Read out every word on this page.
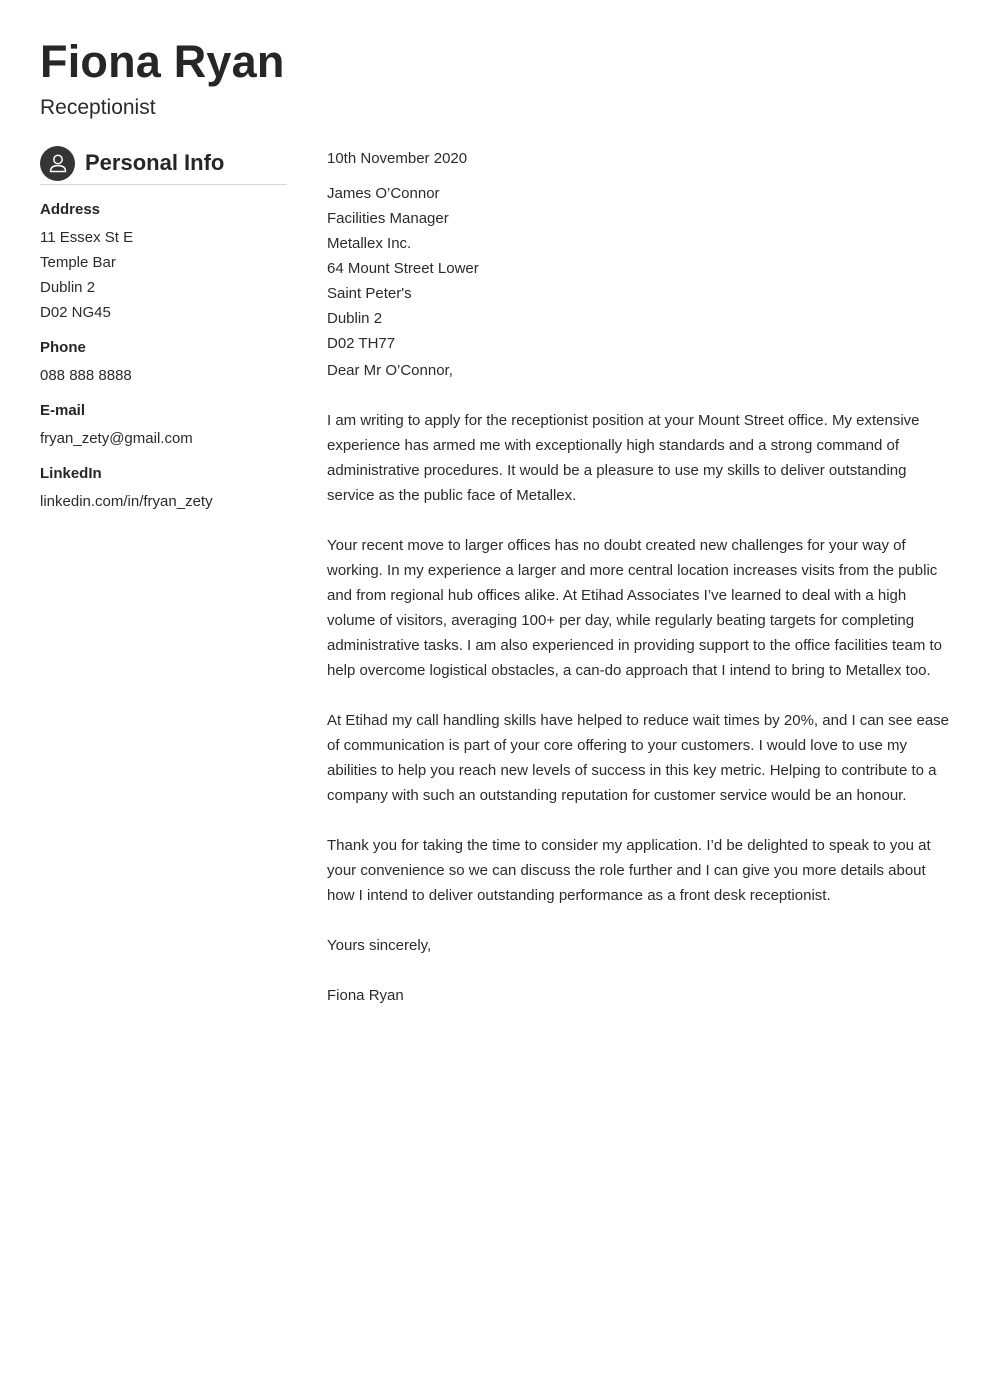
Fiona Ryan
Receptionist
Personal Info
Address
11 Essex St E
Temple Bar
Dublin 2
D02 NG45
Phone
088 888 8888
E-mail
fryan_zety@gmail.com
LinkedIn
linkedin.com/in/fryan_zety
10th November 2020
James O’Connor
Facilities Manager
Metallex Inc.
64 Mount Street Lower
Saint Peter's
Dublin 2
D02 TH77
Dear Mr O’Connor,

I am writing to apply for the receptionist position at your Mount Street office. My extensive experience has armed me with exceptionally high standards and a strong command of administrative procedures. It would be a pleasure to use my skills to deliver outstanding service as the public face of Metallex.

Your recent move to larger offices has no doubt created new challenges for your way of working. In my experience a larger and more central location increases visits from the public and from regional hub offices alike. At Etihad Associates I’ve learned to deal with a high volume of visitors, averaging 100+ per day, while regularly beating targets for completing administrative tasks. I am also experienced in providing support to the office facilities team to help overcome logistical obstacles, a can-do approach that I intend to bring to Metallex too.

At Etihad my call handling skills have helped to reduce wait times by 20%, and I can see ease of communication is part of your core offering to your customers. I would love to use my abilities to help you reach new levels of success in this key metric. Helping to contribute to a company with such an outstanding reputation for customer service would be an honour.

Thank you for taking the time to consider my application. I’d be delighted to speak to you at your convenience so we can discuss the role further and I can give you more details about how I intend to deliver outstanding performance as a front desk receptionist.

Yours sincerely,
Fiona Ryan
